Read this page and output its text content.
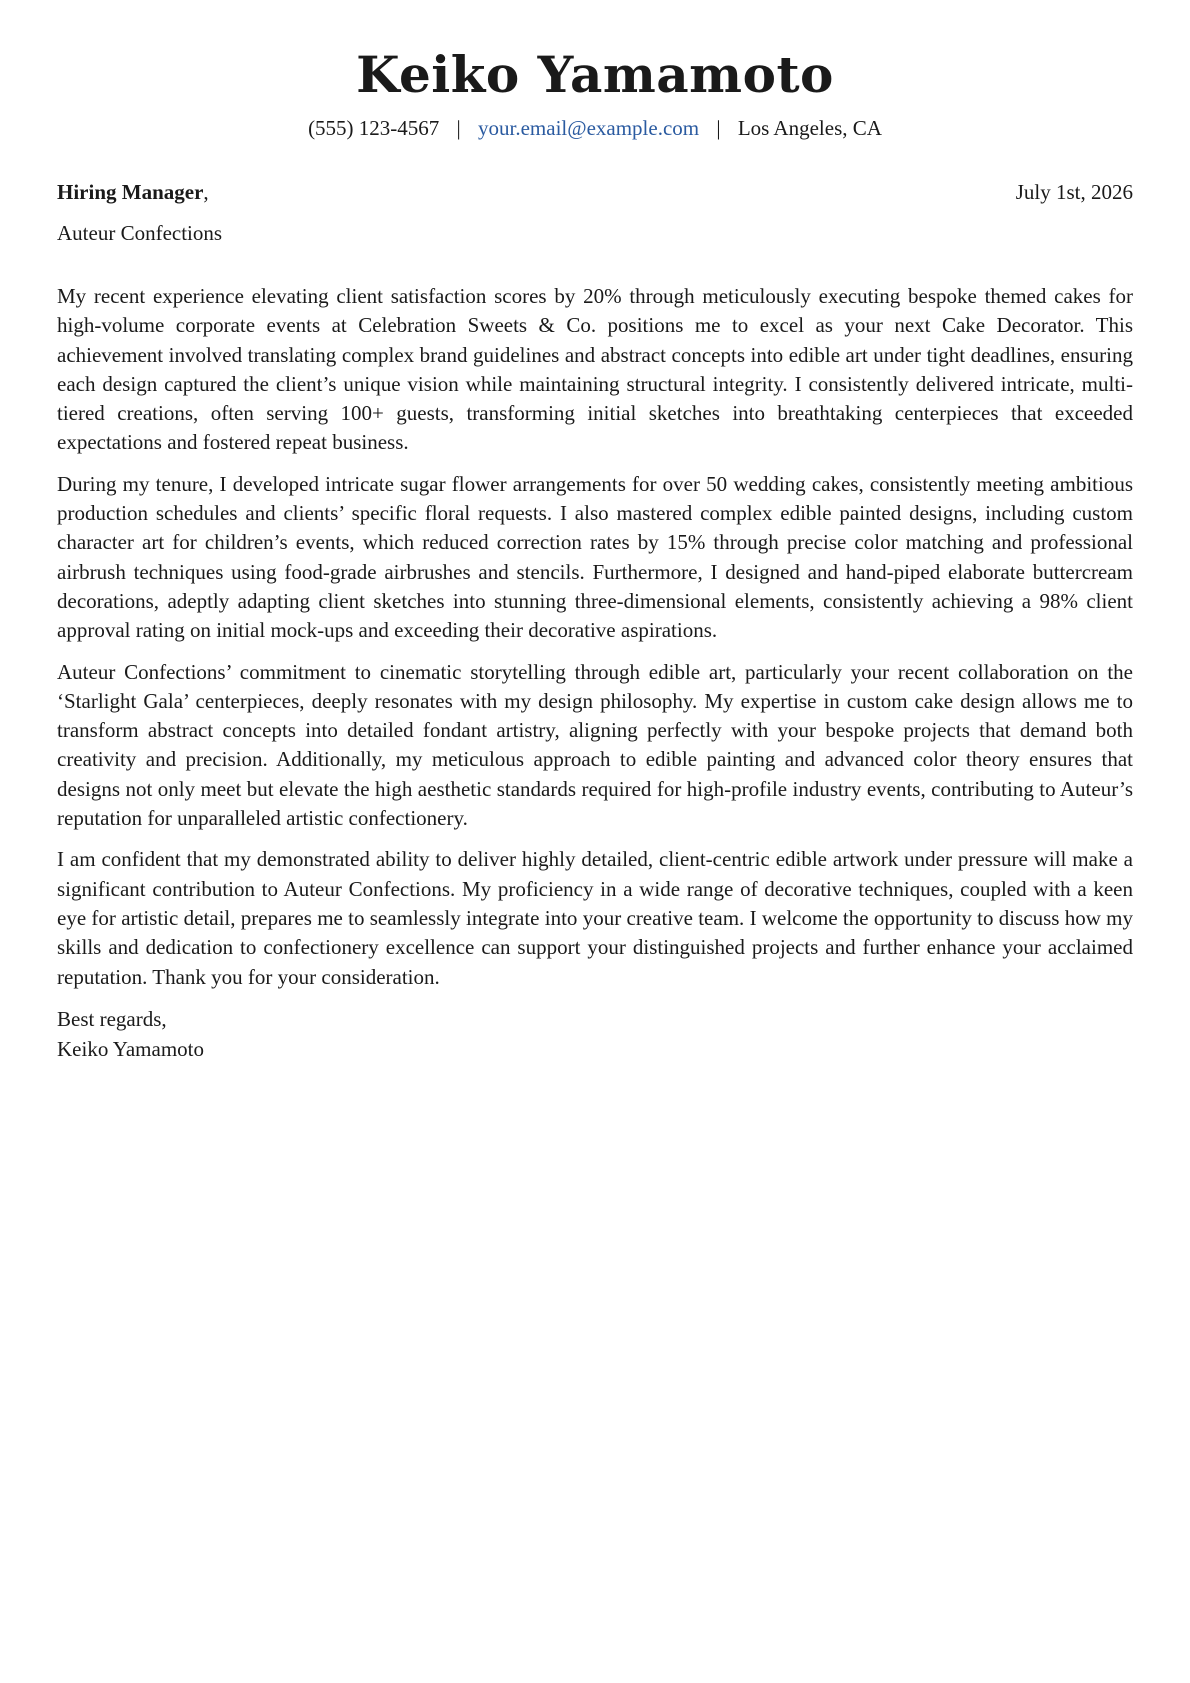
Keiko Yamamoto
(555) 123-4567 | your.email@example.com | Los Angeles, CA
Hiring Manager,	July 1st, 2026
Auteur Confections

My recent experience elevating client satisfaction scores by 20% through meticulously executing bespoke themed cakes for high-volume corporate events at Celebration Sweets & Co. positions me to excel as your next Cake Decorator. This achievement involved translating complex brand guidelines and abstract concepts into edible art under tight deadlines, ensuring each design captured the client’s unique vision while maintaining structural integrity. I consistently delivered intricate, multi-tiered creations, often serving 100+ guests, transforming initial sketches into breathtaking centerpieces that exceeded expectations and fostered repeat business.

During my tenure, I developed intricate sugar flower arrangements for over 50 wedding cakes, consistently meeting ambitious production schedules and clients’ specific floral requests. I also mastered complex edible painted designs, including custom character art for children’s events, which reduced correction rates by 15% through precise color matching and professional airbrush techniques using food-grade airbrushes and stencils. Furthermore, I designed and hand-piped elaborate buttercream decorations, adeptly adapting client sketches into stunning three-dimensional elements, consistently achieving a 98% client approval rating on initial mock-ups and exceeding their decorative aspirations.

Auteur Confections’ commitment to cinematic storytelling through edible art, particularly your recent collaboration on the ‘Starlight Gala’ centerpieces, deeply resonates with my design philosophy. My expertise in custom cake design allows me to transform abstract concepts into detailed fondant artistry, aligning perfectly with your bespoke projects that demand both creativity and precision. Additionally, my meticulous approach to edible painting and advanced color theory ensures that designs not only meet but elevate the high aesthetic standards required for high-profile industry events, contributing to Auteur’s reputation for unparalleled artistic confectionery.

I am confident that my demonstrated ability to deliver highly detailed, client-centric edible artwork under pressure will make a significant contribution to Auteur Confections. My proficiency in a wide range of decorative techniques, coupled with a keen eye for artistic detail, prepares me to seamlessly integrate into your creative team. I welcome the opportunity to discuss how my skills and dedication to confectionery excellence can support your distinguished projects and further enhance your acclaimed reputation. Thank you for your consideration.

Best regards,
Keiko Yamamoto
